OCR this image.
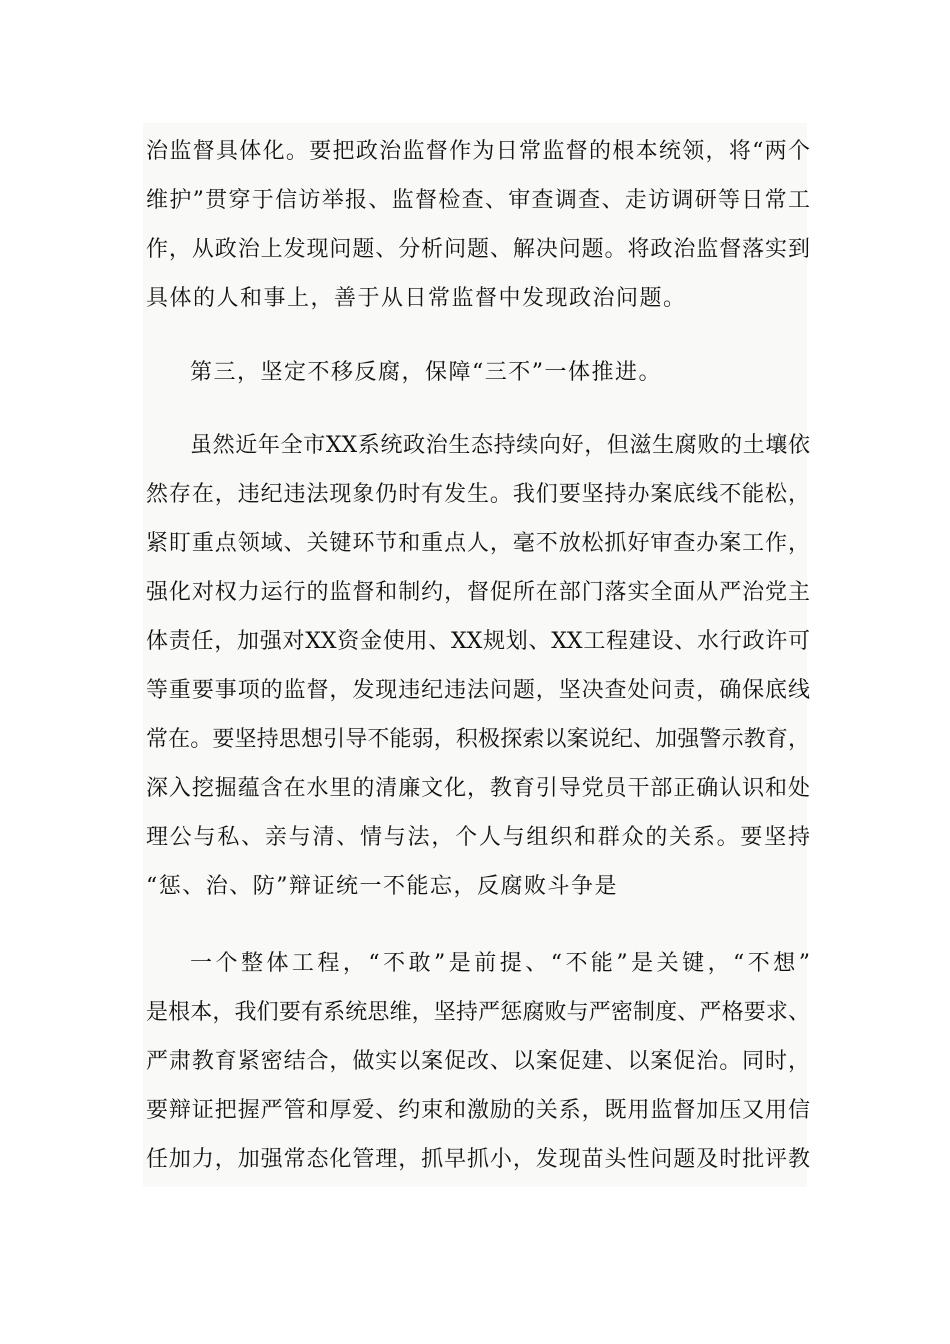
治监督具体化。要把政治监督作为日常监督的根本统领，将“两个
维护”贯穿于信访举报、监督检查、审查调查、走访调研等日常工
作，从政治上发现问题、分析问题、解决问题。将政治监督落实到
具体的人和事上，善于从日常监督中发现政治问题。
第三，坚定不移反腐，保障“三不”一体推进。
虽然近年全市XX系统政治生态持续向好，但滋生腐败的土壤依
然存在，违纪违法现象仍时有发生。我们要坚持办案底线不能松，
紧盯重点领域、关键环节和重点人，毫不放松抓好审查办案工作，
强化对权力运行的监督和制约，督促所在部门落实全面从严治党主
体责任，加强对XX资金使用、XX规划、XX工程建设、水行政许可
等重要事项的监督，发现违纪违法问题，坚决查处问责，确保底线
常在。要坚持思想引导不能弱，积极探索以案说纪、加强警示教育，
深入挖掘蕴含在水里的清廉文化，教育引导党员干部正确认识和处
理公与私、亲与清、情与法，个人与组织和群众的关系。要坚持
“惩、治、防”辩证统一不能忘，反腐败斗争是
一个整体工程，“不敢”是前提、“不能”是关键，“不想”
是根本，我们要有系统思维，坚持严惩腐败与严密制度、严格要求、
严肃教育紧密结合，做实以案促改、以案促建、以案促治。同时，
要辩证把握严管和厚爱、约束和激励的关系，既用监督加压又用信
任加力，加强常态化管理，抓早抓小，发现苗头性问题及时批评教
